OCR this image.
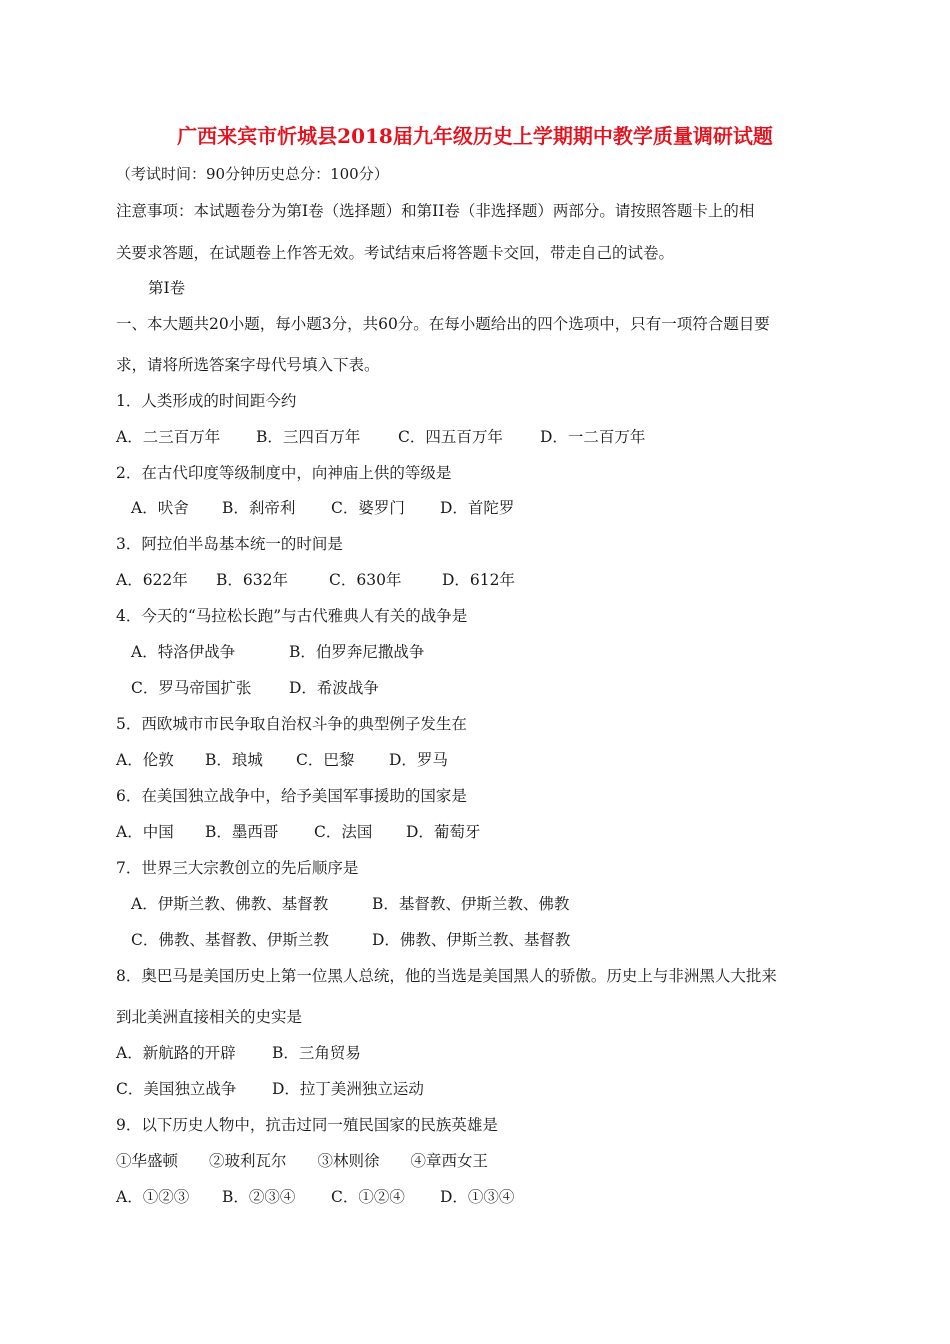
广西来宾市忻城县2018届九年级历史上学期期中教学质量调研试题
（考试时间：90分钟历史总分：100分）
注意事项：本试题卷分为第Ⅰ卷（选择题）和第II卷（非选择题）两部分。请按照答题卡上的相
关要求答题，在试题卷上作答无效。考试结束后将答题卡交回，带走自己的试卷。
第Ⅰ卷
一、本大题共20小题，每小题3分，共60分。在每小题给出的四个选项中，只有一项符合题目要
求，请将所选答案字母代号填入下表。
1．人类形成的时间距今约
A．二三百万年 B．三四百万年 C．四五百万年 D．一二百万年
2．在古代印度等级制度中，向神庙上供的等级是
A．吠舍 B．刹帝利 C．婆罗门 D．首陀罗
3．阿拉伯半岛基本统一的时间是
A．622年 B．632年	C．630年	D．612年
4．今天的“马拉松长跑”与古代雅典人有关的战争是
A．特洛伊战争	B．伯罗奔尼撒战争
C．罗马帝国扩张 D．希波战争
5．西欧城市市民争取自治权斗争的典型例子发生在
A．伦敦 B．琅城 C．巴黎 D．罗马
6．在美国独立战争中，给予美国军事援助的国家是
A．中国 B．墨西哥 C．法国 D．葡萄牙
7．世界三大宗教创立的先后顺序是
A．伊斯兰教、佛教、基督教	B．基督教、伊斯兰教、佛教
C．佛教、基督教、伊斯兰教	D．佛教、伊斯兰教、基督教
8．奥巴马是美国历史上第一位黑人总统，他的当选是美国黑人的骄傲。历史上与非洲黑人大批来
到北美洲直接相关的史实是
A．新航路的开辟 B．三角贸易
C．美国独立战争 D．拉丁美洲独立运动
9．以下历史人物中，抗击过同一殖民国家的民族英雄是
①华盛顿　　②玻利瓦尔　　③林则徐　　④章西女王
A．①②③ B．②③④ C．①②④ D．①③④
